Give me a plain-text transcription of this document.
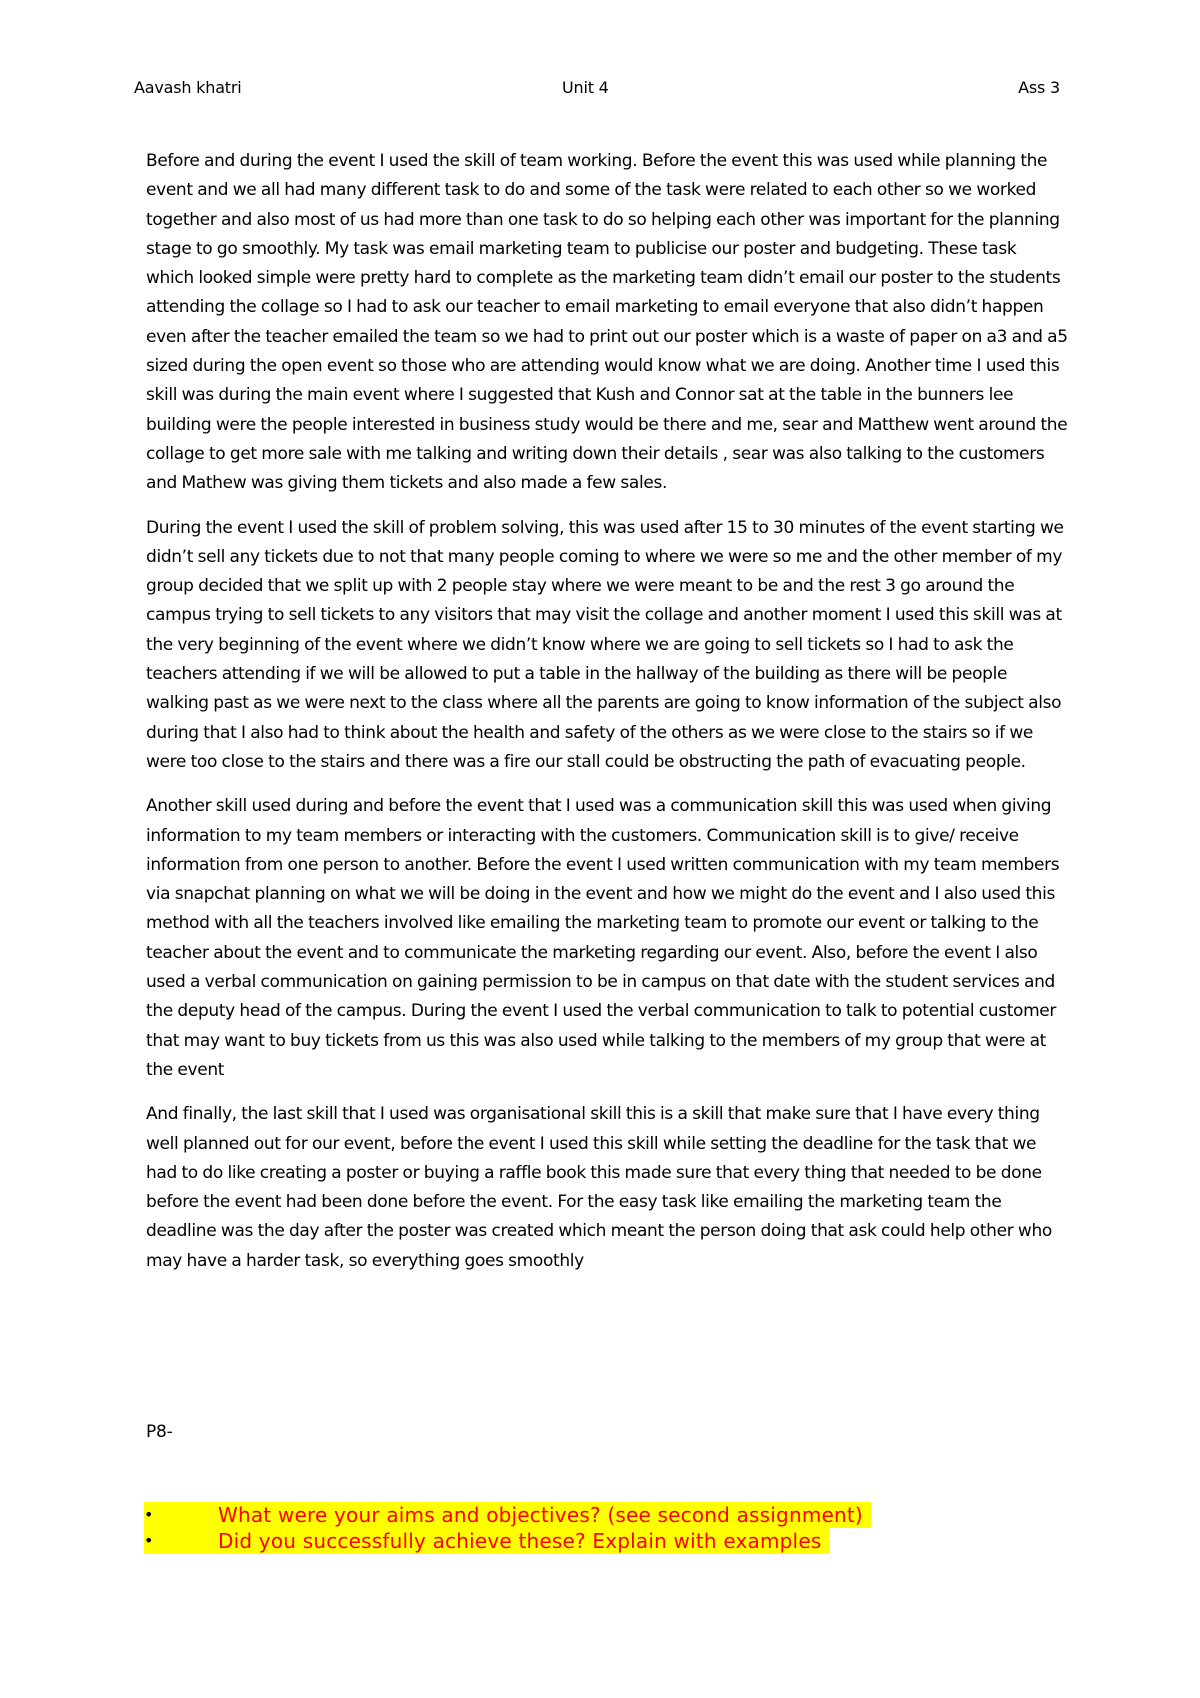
Aavash khatri	Unit 4	Ass 3

Before and during the event I used the skill of team working. Before the event this was used while planning the event and we all had many different task to do and some of the task were related to each other so we worked together and also most of us had more than one task to do so helping each other was important for the planning stage to go smoothly. My task was email marketing team to publicise our poster and budgeting. These task which looked simple were pretty hard to complete as the marketing team didn’t email our poster to the students attending the collage so I had to ask our teacher to email marketing to email everyone that also didn’t happen even after the teacher emailed the team so we had to print out our poster which is a waste of paper on a3 and a5 sized during the open event so those who are attending would know what we are doing. Another time I used this skill was during the main event where I suggested that Kush and Connor sat at the table in the bunners lee building were the people interested in business study would be there and me, sear and Matthew went around the collage to get more sale with me talking and writing down their details , sear was also talking to the customers and Mathew was giving them tickets and also made a few sales.

During the event I used the skill of problem solving, this was used after 15 to 30 minutes of the event starting we didn’t sell any tickets due to not that many people coming to where we were so me and the other member of my group decided that we split up with 2 people stay where we were meant to be and the rest 3 go around the campus trying to sell tickets to any visitors that may visit the collage and another moment I used this skill was at the very beginning of the event where we didn’t know where we are going to sell tickets so I had to ask the teachers attending if we will be allowed to put a table in the hallway of the building as there will be people walking past as we were next to the class where all the parents are going to know information of the subject also during that I also had to think about the health and safety of the others as we were close to the stairs so if we were too close to the stairs and there was a fire our stall could be obstructing the path of evacuating people.

Another skill used during and before the event that I used was a communication skill this was used when giving information to my team members or interacting with the customers. Communication skill is to give/ receive information from one person to another. Before the event I used written communication with my team members via snapchat planning on what we will be doing in the event and how we might do the event and I also used this method with all the teachers involved like emailing the marketing team to promote our event or talking to the teacher about the event and to communicate the marketing regarding our event. Also, before the event I also used a verbal communication on gaining permission to be in campus on that date with the student services and the deputy head of the campus. During the event I used the verbal communication to talk to potential customer that may want to buy tickets from us this was also used while talking to the members of my group that were at the event

And finally, the last skill that I used was organisational skill this is a skill that make sure that I have every thing well planned out for our event, before the event I used this skill while setting the deadline for the task that we had to do like creating a poster or buying a raffle book this made sure that every thing that needed to be done before the event had been done before the event. For the easy task like emailing the marketing team the deadline was the day after the poster was created which meant the person doing that ask could help other who may have a harder task, so everything goes smoothly

P8-
•	What were your aims and objectives? (see second assignment)
•	Did you successfully achieve these? Explain with examples
